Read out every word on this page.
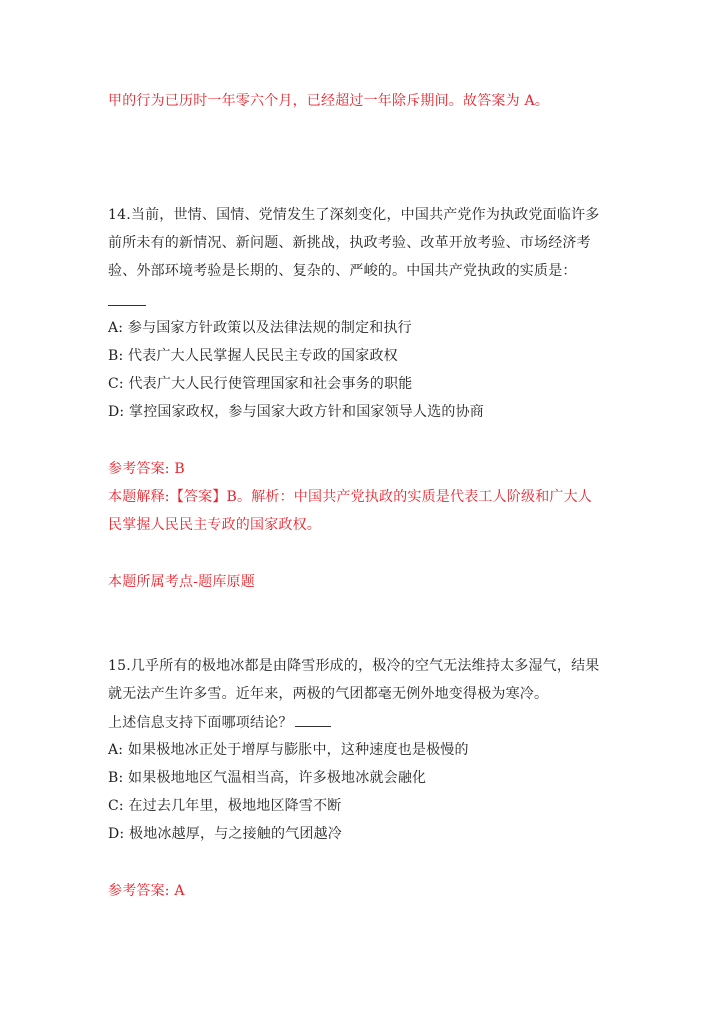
甲的行为已历时一年零六个月，已经超过一年除斥期间。故答案为 A。
14.当前，世情、国情、党情发生了深刻变化，中国共产党作为执政党面临许多
前所未有的新情况、新问题、新挑战，执政考验、改革开放考验、市场经济考
验、外部环境考验是长期的、复杂的、严峻的。中国共产党执政的实质是：
A: 参与国家方针政策以及法律法规的制定和执行
B: 代表广大人民掌握人民民主专政的国家政权
C: 代表广大人民行使管理国家和社会事务的职能
D: 掌控国家政权，参与国家大政方针和国家领导人选的协商
参考答案: B
本题解释:【答案】B。解析：中国共产党执政的实质是代表工人阶级和广大人
民掌握人民民主专政的国家政权。
本题所属考点-题库原题
15.几乎所有的极地冰都是由降雪形成的，极冷的空气无法维持太多湿气，结果
就无法产生许多雪。近年来，两极的气团都毫无例外地变得极为寒冷。
上述信息支持下面哪项结论？
A: 如果极地冰正处于增厚与膨胀中，这种速度也是极慢的
B: 如果极地地区气温相当高，许多极地冰就会融化
C: 在过去几年里，极地地区降雪不断
D: 极地冰越厚，与之接触的气团越冷
参考答案: A
